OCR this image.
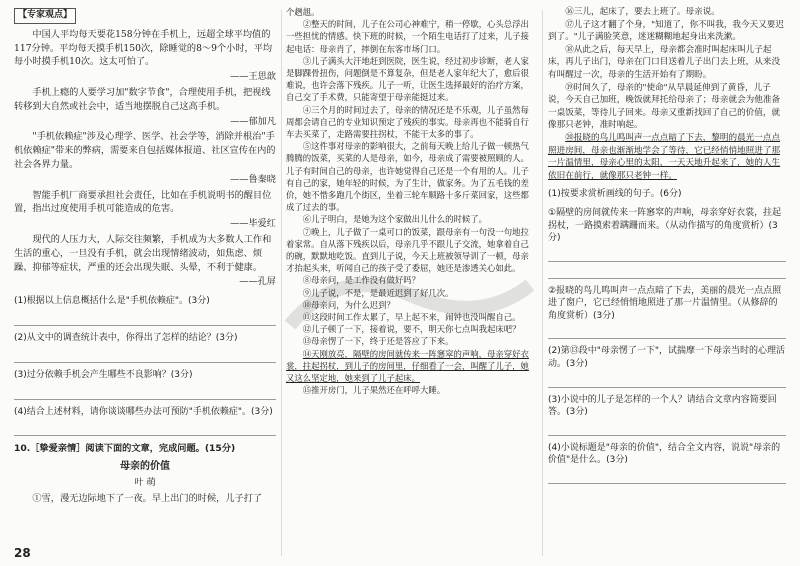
【专家观点】

中国人平均每天要花158分钟在手机上，远超全球平均值的117分钟。平均每天摸手机150次，除睡觉的8～9个小时，平均每小时摸手机10次。这太可怕了。

——王思歆

手机上瘾的人要学习加"数字节食"，合理使用手机，把视线转移到大自然或社会中，适当地摆脱自己这高手机。

——郁加凡

"手机依赖症"涉及心理学、医学、社会学等，消除并根治"手机依赖症"带来的弊病，需要来自包括媒体报道、社区宣传在内的社会各界力量。

——鲁秦晓

智能手机厂商要承担社会责任，比如在手机说明书的醒目位置，指出过度使用手机可能造成的危害。

——毕爱红

现代的人压力大，人际交往频繁，手机成为大多数人工作和生活的重心，一旦没有手机，就会出现情绪波动，如焦虑、烦躁、抑郁等症状，严重的还会出现失眠、头晕，不利于健康。

——孔屏
(1)根据以上信息概括什么是"手机依赖症"。(3分)
(2)从文中的调查统计表中，你得出了怎样的结论？(3分)
(3)过分依赖手机会产生哪些不良影响？(3分)
(4)结合上述材料，请你谈谈哪些办法可预防"手机依赖症"。(3分)
10.［挚爱亲情］阅读下面的文章，完成问题。(15分)
母亲的价值
叶 萌

①雪，漫无边际地下了一夜。早上出门的时候，儿子打了

28

个趔趄。

②整天的时间，儿子在公司心神难宁，稍一停歇，心头总浮出一些担忧的情感。快下班的时候，一个陌生电话打了过来，儿子接起电话：母亲肖了，摔倒在东客市场门口。

③儿子满头大汗地赶到医院，医生说，经过初步诊断，老人家是脚踝骨扭伤，问题倒是不算复杂，但是老人家年纪大了，愈后很难说，也许会落下残疾。儿子一听，让医生选择最好的治疗方案，自己交了手术费，只能寄望于母亲能挺过来。

④三个月的时间过去了，母亲的情况还是不乐观，儿子虽然每周都会请自己的专业知识预定了残疾的事实。母亲再也不能骑自行车去买菜了，走路需要拄拐杖，不能干太多的事了。

⑤这件事对母亲的影响很大，之前每天晚上给儿子做一顿热气腾腾的饭菜，买菜的人是母亲，如今，母亲成了需要被照顾的人。儿子有时间自己的母亲，也许她觉得自己还是一个有用的人。儿子有自己的家，她年轻的时候，为了生计，做家务。为了五毛钱的差价，她不惜多跑几个街区，坐着三轮车顺路十多斤菜回家，这些都成了过去的事。

⑥儿子明白，是她为这个家做出儿什么的时候了。

⑦晚上，儿子做了一桌可口的饭菜，跟母亲有一句没一句地拉着家常。自从落下残疾以后，母亲几乎不跟儿子交流，她拿着自己的碗，默默地吃饭。直到儿子说，今天上班被领导训了一顿，母亲才抬起头来，听闻自己的孩子受了委屈，她还是渗透关心如此。

⑧母亲问，是工作没有做好吗？

⑨儿子说，不是，是最近迟到了好几次。

⑩母亲问，为什么迟到？

⑪这段时间工作太累了，早上起不来，闹钟也没叫醒自己。

⑫儿子顿了一下，接着说，要不，明天你七点叫我起床吧？

⑬母亲愣了一下，终于还是答应了下来。

⑭天刚放亮，隔壁的房间就传来一阵窸窣的声响，母亲穿好衣裳，拄起拐杖，到儿子的房间里，仔细看了一会，叫醒了儿子，她又这么坚定地，她来到了儿子起床。

⑮推开房门，儿子果然还在呼呼大睡。

⑯三儿，起床了，要去上班了。母亲说。

⑰儿子这才翻了个身，"知道了，你不叫我，我今天又要迟到了。"儿子满脸笑意，迷迷糊糊地起身出来洗漱。

⑱从此之后，每天早上，母亲都会准时叫起床叫儿子起床，再儿子出门，母亲在门口目送着儿子出门去上班，从来没有叫醒过一次，母亲的生活开始有了期盼。

⑲时间久了，母亲的"使命"从早晨延伸到了黄昏，儿子说，今天自己加班，晚饭就拜托给母亲了；母亲就会为他准备一桌饭菜，等待儿子回来。母亲又重新找回了自己的价值，就像那只老钟，准时响起。

⑳报晓的鸟儿鸣叫声一点点暗了下去，黎明的晨光一点点照进房间，母亲也渐渐地学会了等待，它已经悄悄地照进了那一片温情里，母亲心里的太阳，一天天地升起来了，她的人生依旧在前行，就像那只老钟一样。

(1)按要求赏析画线的句子。(6分)
①隔壁的房间就传来一阵窸窣的声响，母亲穿好衣裳，拄起拐杖，一路摸索着蹒跚而来。（从动作描写的角度赏析）(3分)
②报晓的鸟儿鸣叫声一点点暗了下去，美丽的晨光一点点照进了窗户，它已经悄悄地照进了那一片温情里。（从修辞的角度赏析）(3分)
(2)第⑬段中"母亲愣了一下"，试揣摩一下母亲当时的心理活动。(3分)
(3)小说中的儿子是怎样的一个人？请结合文章内容简要回答。(3分)
(4)小说标题是"母亲的价值"，结合全文内容，说说"母亲的价值"是什么。(3分)
